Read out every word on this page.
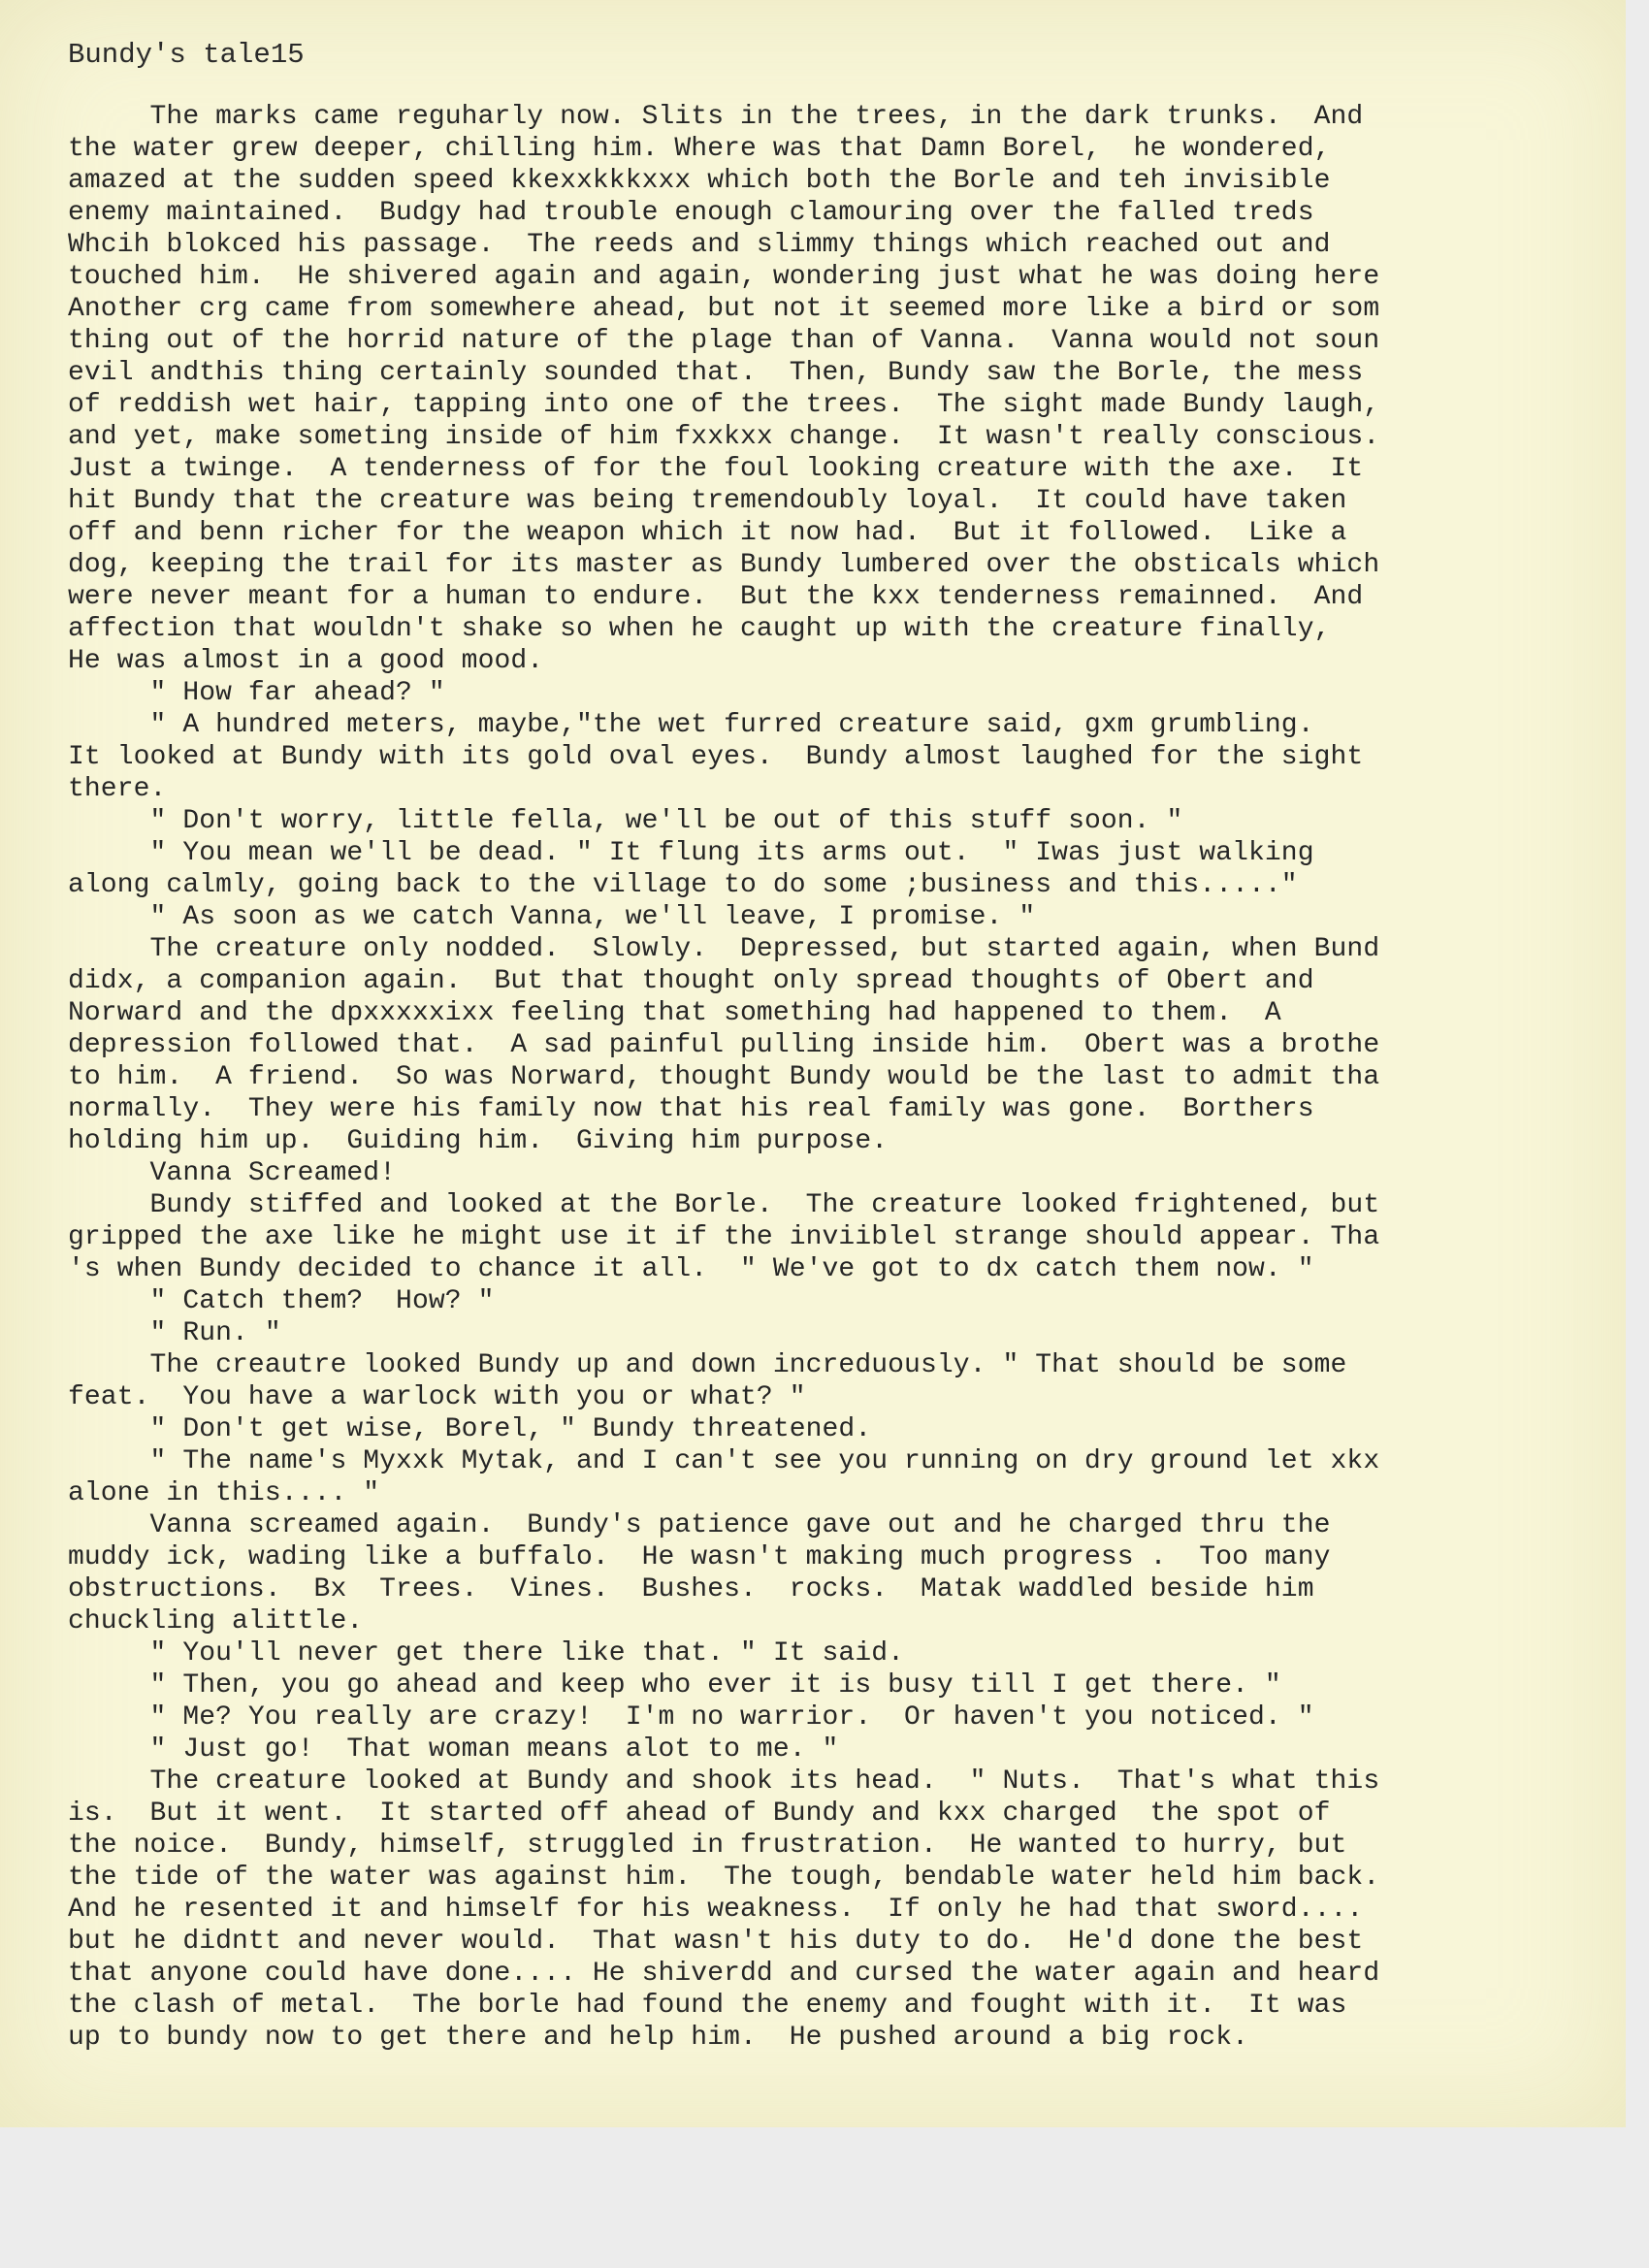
Bundy's tale15
The marks came reguharly now. Slits in the trees, in the dark trunks.  And
the water grew deeper, chilling him. Where was that Damn Borel,  he wondered,
amazed at the sudden speed kkexxkkkxxx which both the Borle and teh invisible
enemy maintained.  Budgy had trouble enough clamouring over the falled treds
Whcih blokced his passage.  The reeds and slimmy things which reached out and
touched him.  He shivered again and again, wondering just what he was doing here
Another crg came from somewhere ahead, but not it seemed more like a bird or som
thing out of the horrid nature of the plage than of Vanna.  Vanna would not soun
evil andthis thing certainly sounded that.  Then, Bundy saw the Borle, the mess
of reddish wet hair, tapping into one of the trees.  The sight made Bundy laugh,
and yet, make someting inside of him fxxkxx change.  It wasn't really conscious.
Just a twinge.  A tenderness of for the foul looking creature with the axe.  It
hit Bundy that the creature was being tremendoubly loyal.  It could have taken
off and benn richer for the weapon which it now had.  But it followed.  Like a
dog, keeping the trail for its master as Bundy lumbered over the obsticals which
were never meant for a human to endure.  But the kxx tenderness remainned.  And
affection that wouldn't shake so when he caught up with the creature finally,
He was almost in a good mood.
" How far ahead? "
" A hundred meters, maybe,"the wet furred creature said, gxm grumbling.
It looked at Bundy with its gold oval eyes.  Bundy almost laughed for the sight
there.
" Don't worry, little fella, we'll be out of this stuff soon. "
" You mean we'll be dead. " It flung its arms out.  " Iwas just walking
along calmly, going back to the village to do some ;business and this....."
" As soon as we catch Vanna, we'll leave, I promise. "
The creature only nodded.  Slowly.  Depressed, but started again, when Bund
didx, a companion again.  But that thought only spread thoughts of Obert and
Norward and the dpxxxxxixx feeling that something had happened to them.  A
depression followed that.  A sad painful pulling inside him.  Obert was a brothe
to him.  A friend.  So was Norward, thought Bundy would be the last to admit tha
normally.  They were his family now that his real family was gone.  Borthers
holding him up.  Guiding him.  Giving him purpose.
Vanna Screamed!
Bundy stiffed and looked at the Borle.  The creature looked frightened, but
gripped the axe like he might use it if the inviiblel strange should appear. Tha
's when Bundy decided to chance it all.  " We've got to dx catch them now. "
" Catch them?  How? "
" Run. "
The creautre looked Bundy up and down increduously. " That should be some
feat.  You have a warlock with you or what? "
" Don't get wise, Borel, " Bundy threatened.
" The name's Myxxk Mytak, and I can't see you running on dry ground let xkx
alone in this.... "
Vanna screamed again.  Bundy's patience gave out and he charged thru the
muddy ick, wading like a buffalo.  He wasn't making much progress .  Too many
obstructions.  Bx  Trees.  Vines.  Bushes.  rocks.  Matak waddled beside him
chuckling alittle.
" You'll never get there like that. " It said.
" Then, you go ahead and keep who ever it is busy till I get there. "
" Me? You really are crazy!  I'm no warrior.  Or haven't you noticed. "
" Just go!  That woman means alot to me. "
The creature looked at Bundy and shook its head.  " Nuts.  That's what this
is.  But it went.  It started off ahead of Bundy and kxx charged  the spot of
the noice.  Bundy, himself, struggled in frustration.  He wanted to hurry, but
the tide of the water was against him.  The tough, bendable water held him back.
And he resented it and himself for his weakness.  If only he had that sword....
but he didntt and never would.  That wasn't his duty to do.  He'd done the best
that anyone could have done.... He shiverdd and cursed the water again and heard
the clash of metal.  The borle had found the enemy and fought with it.  It was
up to bundy now to get there and help him.  He pushed around a big rock.
